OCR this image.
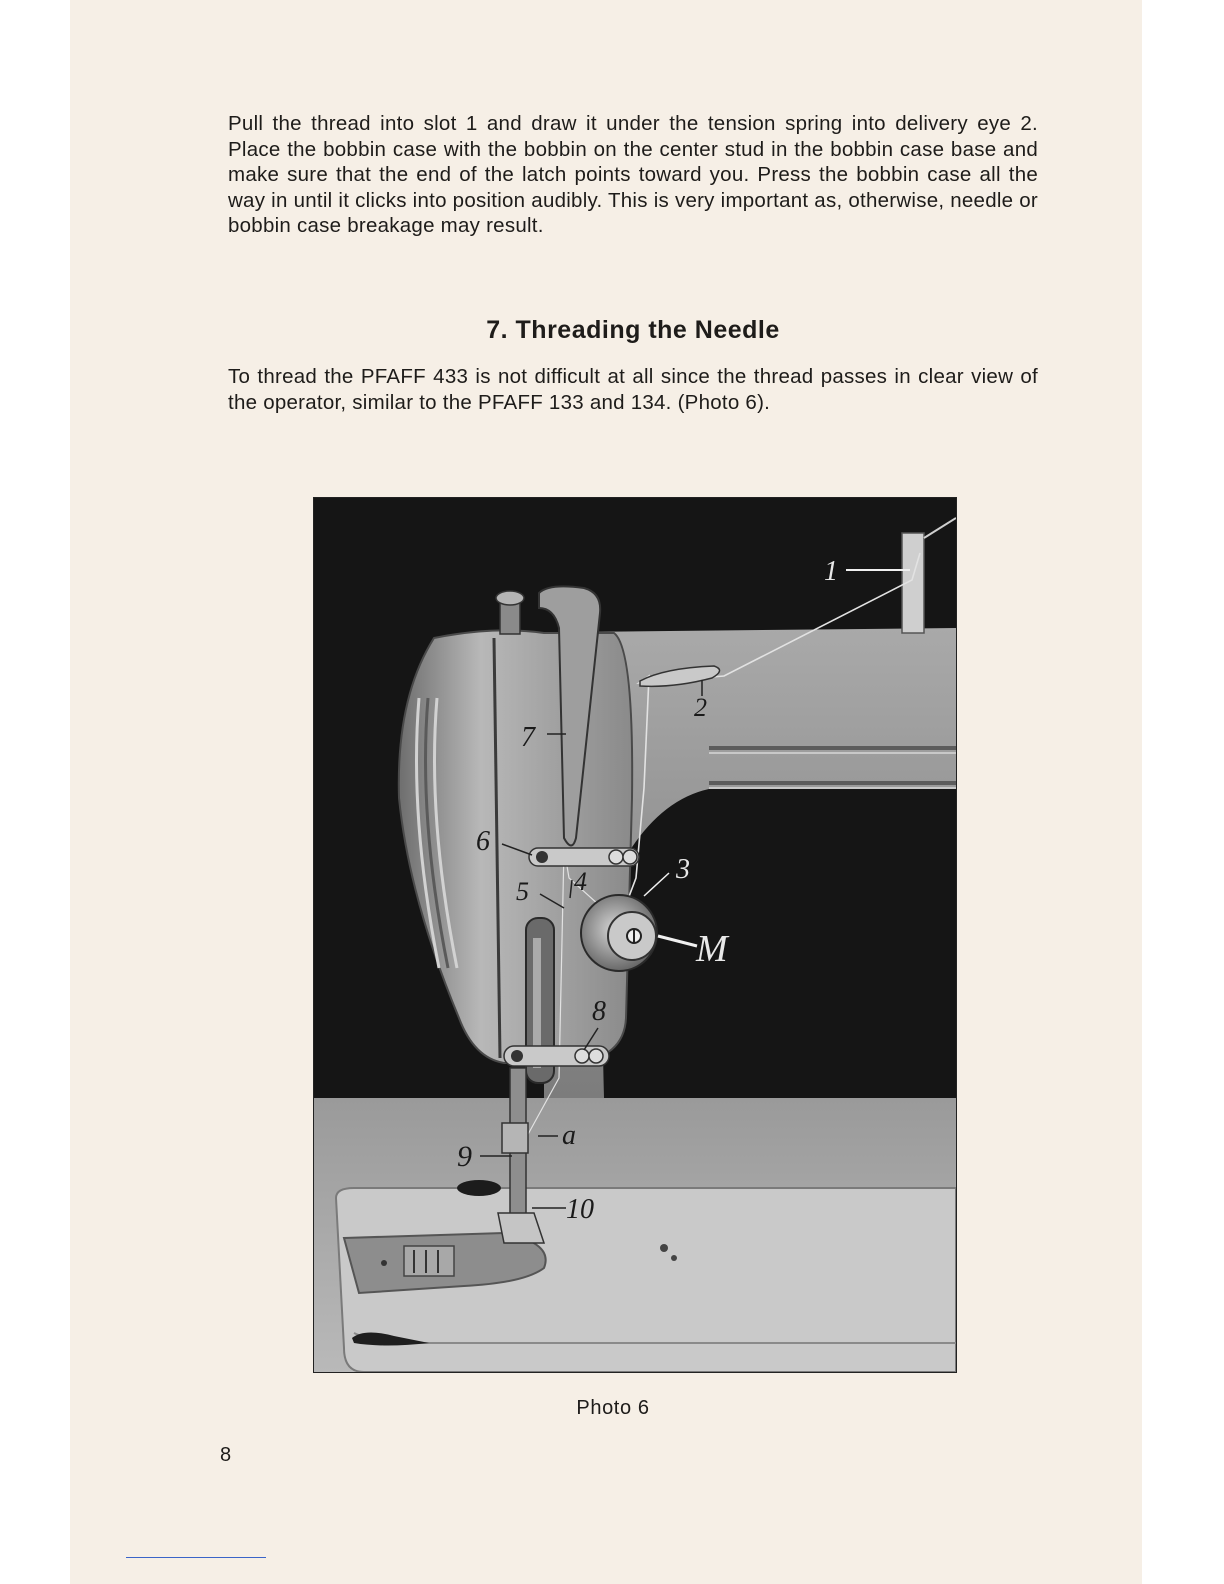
Pull the thread into slot 1 and draw it under the tension spring into delivery eye 2. Place the bobbin case with the bobbin on the center stud in the bobbin case base and make sure that the end of the latch points toward you. Press the bobbin case all the way in until it clicks into position audibly. This is very important as, otherwise, needle or bobbin case breakage may result.

7. Threading the Needle

To thread the PFAFF 433 is not difficult at all since the thread passes in clear view of the operator, similar to the PFAFF 133 and 134. (Photo 6).

1
2
7
6
3
5 4
M
8
a
9
10
Photo 6
8
